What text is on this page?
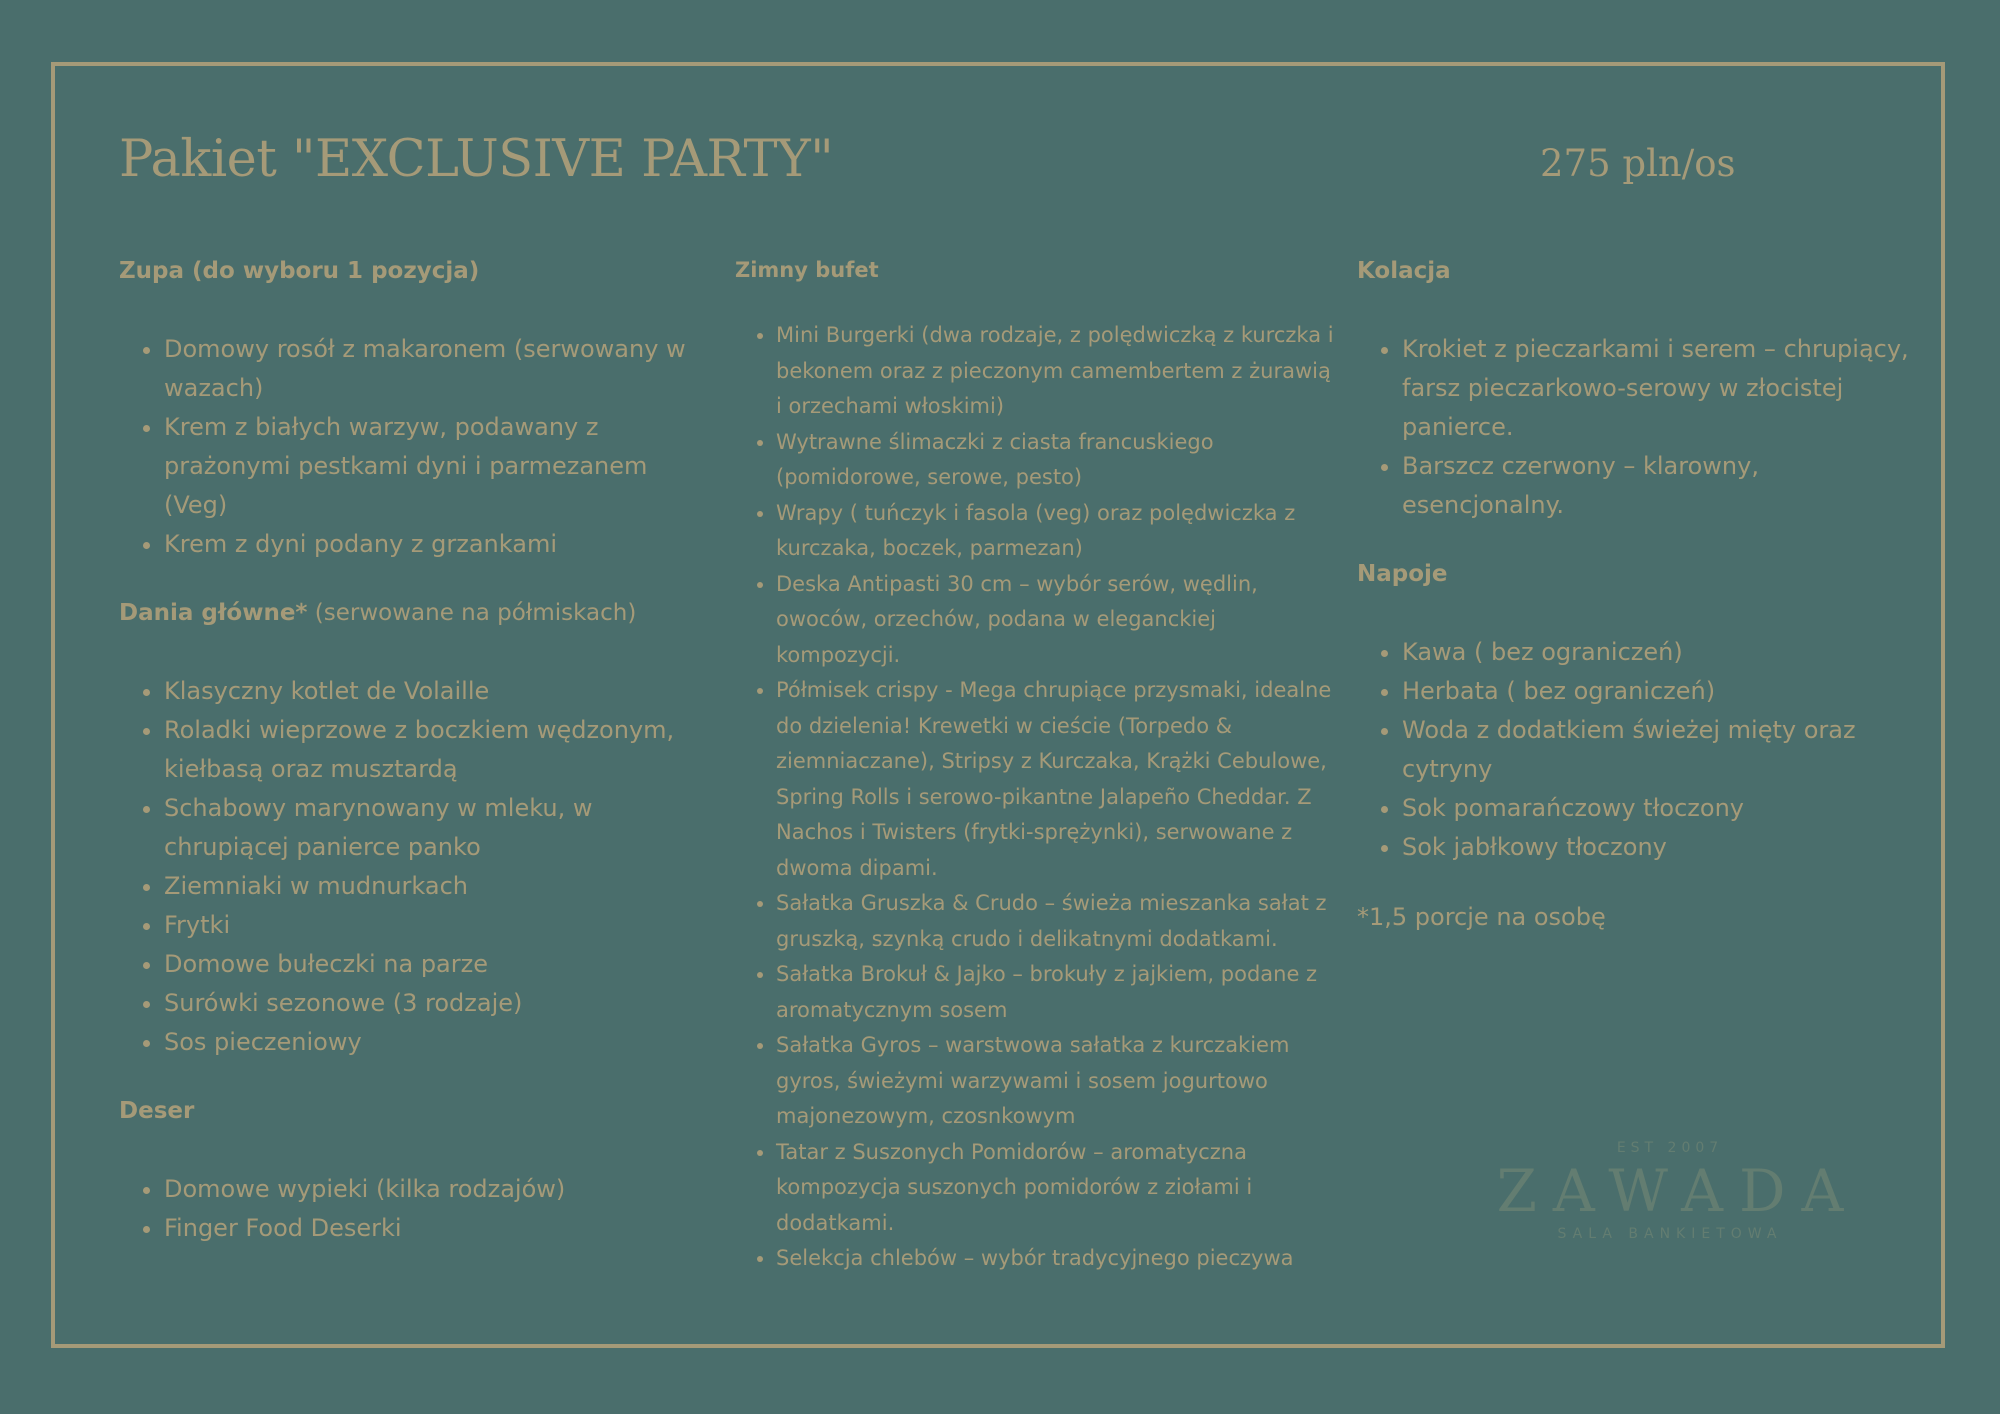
Pakiet "EXCLUSIVE PARTY"	275 pln/os

Zupa (do wyboru 1 pozycja)

• Domowy rosół z makaronem (serwowany w wazach)
• Krem z białych warzyw, podawany z prażonymi pestkami dyni i parmezanem (Veg)
• Krem z dyni podany z grzankami

Dania główne* (serwowane na półmiskach)

• Klasyczny kotlet de Volaille
• Roladki wieprzowe z boczkiem wędzonym, kiełbasą oraz musztardą
• Schabowy marynowany w mleku, w chrupiącej panierce panko
• Ziemniaki w mudnurkach
• Frytki
• Domowe bułeczki na parze
• Surówki sezonowe (3 rodzaje)
• Sos pieczeniowy

Deser

• Domowe wypieki (kilka rodzajów)
• Finger Food Deserki

Zimny bufet

• Mini Burgerki (dwa rodzaje, z polędwiczką z kurczka i bekonem oraz z pieczonym camembertem z żurawią i orzechami włoskimi)
• Wytrawne ślimaczki z ciasta francuskiego (pomidorowe, serowe, pesto)
• Wrapy ( tuńczyk i fasola (veg) oraz polędwiczka z kurczaka, boczek, parmezan)
• Deska Antipasti 30 cm – wybór serów, wędlin, owoców, orzechów, podana w eleganckiej kompozycji.
• Półmisek crispy - Mega chrupiące przysmaki, idealne do dzielenia! Krewetki w cieście (Torpedo & ziemniaczane), Stripsy z Kurczaka, Krążki Cebulowe, Spring Rolls i serowo-pikantne Jalapeño Cheddar. Z Nachos i Twisters (frytki-sprężynki), serwowane z dwoma dipami.
• Sałatka Gruszka & Crudo – świeża mieszanka sałat z gruszką, szynką crudo i delikatnymi dodatkami.
• Sałatka Brokuł & Jajko – brokuły z jajkiem, podane z aromatycznym sosem
• Sałatka Gyros – warstwowa sałatka z kurczakiem gyros, świeżymi warzywami i sosem jogurtowo majonezowym, czosnkowym
• Tatar z Suszonych Pomidorów – aromatyczna kompozycja suszonych pomidorów z ziołami i dodatkami.
• Selekcja chlebów – wybór tradycyjnego pieczywa

Kolacja

• Krokiet z pieczarkami i serem – chrupiący, farsz pieczarkowo-serowy w złocistej panierce.
• Barszcz czerwony – klarowny, esencjonalny.

Napoje

• Kawa ( bez ograniczeń)
• Herbata ( bez ograniczeń)
• Woda z dodatkiem świeżej mięty oraz cytryny
• Sok pomarańczowy tłoczony
• Sok jabłkowy tłoczony
*1,5 porcje na osobę
EST 2007
ZAWADA
SALA BANKIETOWA
